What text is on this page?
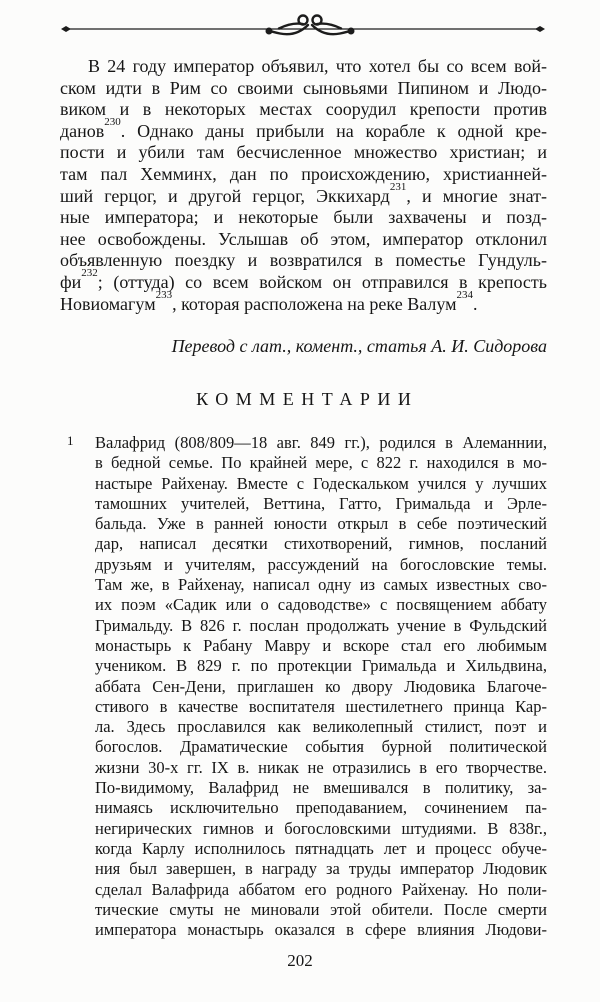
В 24 году император объявил, что хотел бы со всем вой-
ском идти в Рим со своими сыновьями Пипином и Людо-
виком и в некоторых местах соорудил крепости против
данов$^{230}$. Однако даны прибыли на корабле к одной кре-
пости и убили там бесчисленное множество христиан; и
там пал Хемминх, дан по происхождению, христианней-
ший герцог, и другой герцог, Эккихард$^{231}$, и многие знат-
ные императора; и некоторые были захвачены и позд-
нее освобождены. Услышав об этом, император отклонил
объявленную поездку и возвратился в поместье Гундуль-
фи$^{232}$; (оттуда) со всем войском он отправился в крепость
Новиомагум$^{233}$, которая расположена на реке Валум$^{234}$.
Перевод с лат., комент., статья А. И. Сидорова
КОММЕНТАРИИ
1 Валафрид (808/809—18 авг. 849 гг.), родился в Алеманнии,
в бедной семье. По крайней мере, с 822 г. находился в мо-
настыре Райхенау. Вместе с Годескальком учился у лучших
тамошних учителей, Веттина, Гатто, Гримальда и Эрле-
бальда. Уже в ранней юности открыл в себе поэтический
дар, написал десятки стихотворений, гимнов, посланий
друзьям и учителям, рассуждений на богословские темы.
Там же, в Райхенау, написал одну из самых известных сво-
их поэм «Садик или о садоводстве» с посвящением аббату
Гримальду. В 826 г. послан продолжать учение в Фульдский
монастырь к Рабану Мавру и вскоре стал его любимым
учеником. В 829 г. по протекции Гримальда и Хильдвина,
аббата Сен-Дени, приглашен ко двору Людовика Благоче-
стивого в качестве воспитателя шестилетнего принца Кар-
ла. Здесь прославился как великолепный стилист, поэт и
богослов. Драматические события бурной политической
жизни 30-х гг. IX в. никак не отразились в его творчестве.
По-видимому, Валафрид не вмешивался в политику, за-
нимаясь исключительно преподаванием, сочинением па-
негирических гимнов и богословскими штудиями. В 838г.,
когда Карлу исполнилось пятнадцать лет и процесс обуче-
ния был завершен, в награду за труды император Людовик
сделал Валафрида аббатом его родного Райхенау. Но поли-
тические смуты не миновали этой обители. После смерти
императора монастырь оказался в сфере влияния Людови-
202
